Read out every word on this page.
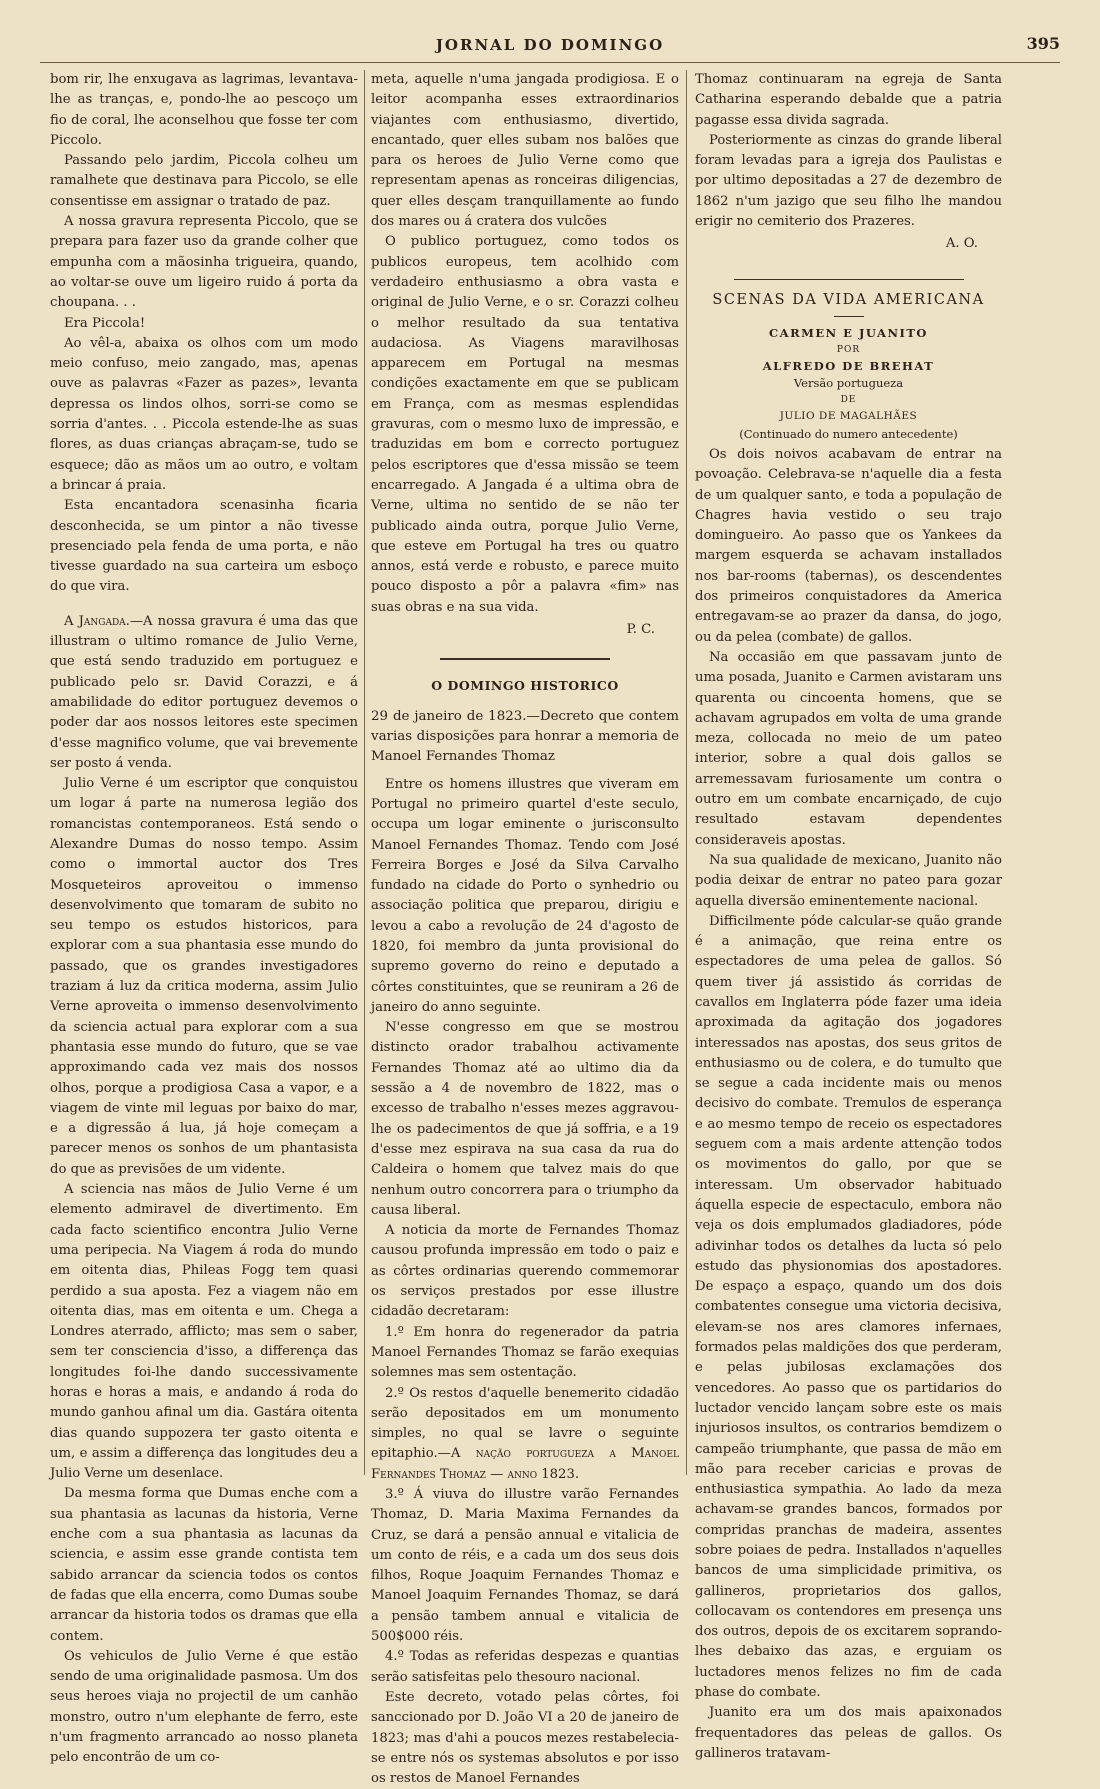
JORNAL DO DOMINGO	395

bom rir, lhe enxugava as lagrimas, levantava-lhe as tranças, e, pondo-lhe ao pescoço um fio de coral, lhe aconselhou que fosse ter com Piccolo.

Passando pelo jardim, Piccola colheu um ramalhete que destinava para Piccolo, se elle consentisse em assignar o tratado de paz.

A nossa gravura representa Piccolo, que se prepara para fazer uso da grande colher que empunha com a mãosinha trigueira, quando, ao voltar-se ouve um ligeiro ruido á porta da choupana. . .

Era Piccola!

Ao vêl-a, abaixa os olhos com um modo meio confuso, meio zangado, mas, apenas ouve as palavras «Fazer as pazes», levanta depressa os lindos olhos, sorri-se como se sorria d'antes. . . Piccola estende-lhe as suas flores, as duas crianças abraçam-se, tudo se esquece; dão as mãos um ao outro, e voltam a brincar á praia.

Esta encantadora scenasinha ficaria desconhecida, se um pintor a não tivesse presenciado pela fenda de uma porta, e não tivesse guardado na sua carteira um esboço do que vira.

A Jangada.—A nossa gravura é uma das que illustram o ultimo romance de Julio Verne, que está sendo traduzido em portuguez e publicado pelo sr. David Corazzi, e á amabilidade do editor portuguez devemos o poder dar aos nossos leitores este specimen d'esse magnifico volume, que vai brevemente ser posto á venda.

Julio Verne é um escriptor que conquistou um logar á parte na numerosa legião dos romancistas contemporaneos. Está sendo o Alexandre Dumas do nosso tempo. Assim como o immortal auctor dos Tres Mosqueteiros aproveitou o immenso desenvolvimento que tomaram de subito no seu tempo os estudos historicos, para explorar com a sua phantasia esse mundo do passado, que os grandes investigadores traziam á luz da critica moderna, assim Julio Verne aproveita o immenso desenvolvimento da sciencia actual para explorar com a sua phantasia esse mundo do futuro, que se vae approximando cada vez mais dos nossos olhos, porque a prodigiosa Casa a vapor, e a viagem de vinte mil leguas por baixo do mar, e a digressão á lua, já hoje começam a parecer menos os sonhos de um phantasista do que as previsões de um vidente.

A sciencia nas mãos de Julio Verne é um elemento admiravel de divertimento. Em cada facto scientifico encontra Julio Verne uma peripecia. Na Viagem á roda do mundo em oitenta dias, Phileas Fogg tem quasi perdido a sua aposta. Fez a viagem não em oitenta dias, mas em oitenta e um. Chega a Londres aterrado, afflicto; mas sem o saber, sem ter consciencia d'isso, a differença das longitudes foi-lhe dando successivamente horas e horas a mais, e andando á roda do mundo ganhou afinal um dia. Gastára oitenta dias quando suppozera ter gasto oitenta e um, e assim a differença das longitudes deu a Julio Verne um desenlace.

Da mesma forma que Dumas enche com a sua phantasia as lacunas da historia, Verne enche com a sua phantasia as lacunas da sciencia, e assim esse grande contista tem sabido arrancar da sciencia todos os contos de fadas que ella encerra, como Dumas soube arrancar da historia todos os dramas que ella contem.

Os vehiculos de Julio Verne é que estão sendo de uma originalidade pasmosa. Um dos seus heroes viaja no projectil de um canhão monstro, outro n'um elephante de ferro, este n'um fragmento arrancado ao nosso planeta pelo encontrão de um co-

meta, aquelle n'uma jangada prodigiosa. E o leitor acompanha esses extraordinarios viajantes com enthusiasmo, divertido, encantado, quer elles subam nos balões que para os heroes de Julio Verne como que representam apenas as ronceiras diligencias, quer elles desçam tranquillamente ao fundo dos mares ou á cratera dos vulcões

O publico portuguez, como todos os publicos europeus, tem acolhido com verdadeiro enthusiasmo a obra vasta e original de Julio Verne, e o sr. Corazzi colheu o melhor resultado da sua tentativa audaciosa. As Viagens maravilhosas apparecem em Portugal na mesmas condições exactamente em que se publicam em França, com as mesmas esplendidas gravuras, com o mesmo luxo de impressão, e traduzidas em bom e correcto portuguez pelos escriptores que d'essa missão se teem encarregado. A Jangada é a ultima obra de Verne, ultima no sentido de se não ter publicado ainda outra, porque Julio Verne, que esteve em Portugal ha tres ou quatro annos, está verde e robusto, e parece muito pouco disposto a pôr a palavra «fim» nas suas obras e na sua vida.

P. C.

O DOMINGO HISTORICO

29 de janeiro de 1823.—Decreto que contem varias disposições para honrar a memoria de Manoel Fernandes Thomaz

Entre os homens illustres que viveram em Portugal no primeiro quartel d'este seculo, occupa um logar eminente o jurisconsulto Manoel Fernandes Thomaz. Tendo com José Ferreira Borges e José da Silva Carvalho fundado na cidade do Porto o synhedrio ou associação politica que preparou, dirigiu e levou a cabo a revolução de 24 d'agosto de 1820, foi membro da junta provisional do supremo governo do reino e deputado a côrtes constituintes, que se reuniram a 26 de janeiro do anno seguinte.

N'esse congresso em que se mostrou distincto orador trabalhou activamente Fernandes Thomaz até ao ultimo dia da sessão a 4 de novembro de 1822, mas o excesso de trabalho n'esses mezes aggravou-lhe os padecimentos de que já soffria, e a 19 d'esse mez espirava na sua casa da rua do Caldeira o homem que talvez mais do que nenhum outro concorrera para o triumpho da causa liberal.

A noticia da morte de Fernandes Thomaz causou profunda impressão em todo o paiz e as côrtes ordinarias querendo commemorar os serviços prestados por esse illustre cidadão decretaram:

1.º Em honra do regenerador da patria Manoel Fernandes Thomaz se farão exequias solemnes mas sem ostentação.

2.º Os restos d'aquelle benemerito cidadão serão depositados em um monumento simples, no qual se lavre o seguinte epitaphio.—A nação portugueza a Manoel Fernandes Thomaz — anno 1823.

3.º Á viuva do illustre varão Fernandes Thomaz, D. Maria Maxima Fernandes da Cruz, se dará a pensão annual e vitalicia de um conto de réis, e a cada um dos seus dois filhos, Roque Joaquim Fernandes Thomaz e Manoel Joaquim Fernandes Thomaz, se dará a pensão tambem annual e vitalicia de 500$000 réis.

4.º Todas as referidas despezas e quantias serão satisfeitas pelo thesouro nacional.

Este decreto, votado pelas côrtes, foi sanccionado por D. João VI a 20 de janeiro de 1823; mas d'ahi a poucos mezes restabelecia-se entre nós os systemas absolutos e por isso os restos de Manoel Fernandes

Thomaz continuaram na egreja de Santa Catharina esperando debalde que a patria pagasse essa divida sagrada.

Posteriormente as cinzas do grande liberal foram levadas para a igreja dos Paulistas e por ultimo depositadas a 27 de dezembro de 1862 n'um jazigo que seu filho lhe mandou erigir no cemiterio dos Prazeres.

A. O.

SCENAS DA VIDA AMERICANA

CARMEN E JUANITO

POR

ALFREDO DE BREHAT

Versão portugueza

DE

JULIO DE MAGALHÃES

(Continuado do numero antecedente)

Os dois noivos acabavam de entrar na povoação. Celebrava-se n'aquelle dia a festa de um qualquer santo, e toda a população de Chagres havia vestido o seu trajo domingueiro. Ao passo que os Yankees da margem esquerda se achavam installados nos bar-rooms (tabernas), os descendentes dos primeiros conquistadores da America entregavam-se ao prazer da dansa, do jogo, ou da pelea (combate) de gallos.

Na occasião em que passavam junto de uma posada, Juanito e Carmen avistaram uns quarenta ou cincoenta homens, que se achavam agrupados em volta de uma grande meza, collocada no meio de um pateo interior, sobre a qual dois gallos se arremessavam furiosamente um contra o outro em um combate encarniçado, de cujo resultado estavam dependentes consideraveis apostas.

Na sua qualidade de mexicano, Juanito não podia deixar de entrar no pateo para gozar aquella diversão eminentemente nacional.

Difficilmente póde calcular-se quão grande é a animação, que reina entre os espectadores de uma pelea de gallos. Só quem tiver já assistido ás corridas de cavallos em Inglaterra póde fazer uma ideia aproximada da agitação dos jogadores interessados nas apostas, dos seus gritos de enthusiasmo ou de colera, e do tumulto que se segue a cada incidente mais ou menos decisivo do combate. Tremulos de esperança e ao mesmo tempo de receio os espectadores seguem com a mais ardente attenção todos os movimentos do gallo, por que se interessam. Um observador habituado áquella especie de espectaculo, embora não veja os dois emplumados gladiadores, póde adivinhar todos os detalhes da lucta só pelo estudo das physionomias dos apostadores. De espaço a espaço, quando um dos dois combatentes consegue uma victoria decisiva, elevam-se nos ares clamores infernaes, formados pelas maldições dos que perderam, e pelas jubilosas exclamações dos vencedores. Ao passo que os partidarios do luctador vencido lançam sobre este os mais injuriosos insultos, os contrarios bemdizem o campeão triumphante, que passa de mão em mão para receber caricias e provas de enthusiastica sympathia. Ao lado da meza achavam-se grandes bancos, formados por compridas pranchas de madeira, assentes sobre poiaes de pedra. Installados n'aquelles bancos de uma simplicidade primitiva, os gallineros, proprietarios dos gallos, collocavam os contendores em presença uns dos outros, depois de os excitarem soprando-lhes debaixo das azas, e erguiam os luctadores menos felizes no fim de cada phase do combate.

Juanito era um dos mais apaixonados frequentadores das peleas de gallos. Os gallineros tratavam-
